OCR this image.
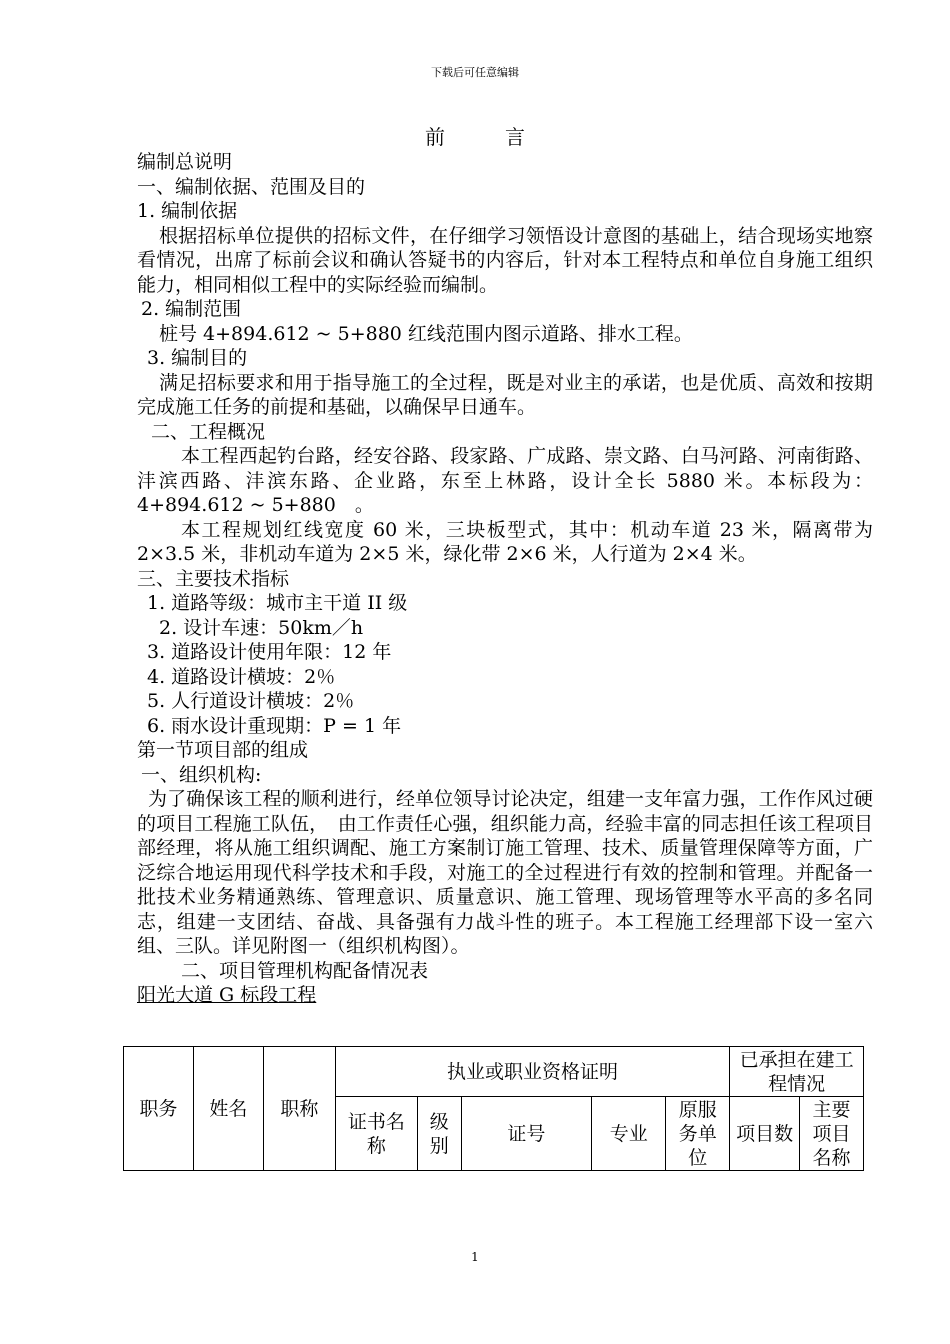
下载后可任意编辑
前	言

编制总说明

一、编制依据、范围及目的

1. 编制依据

根据招标单位提供的招标文件，在仔细学习领悟设计意图的基础上，结合现场实地察看情况，出席了标前会议和确认答疑书的内容后，针对本工程特点和单位自身施工组织能力，相同相似工程中的实际经验而编制。

2. 编制范围

桩号 4+894.612 ~ 5+880 红线范围内图示道路、排水工程。

3. 编制目的

满足招标要求和用于指导施工的全过程，既是对业主的承诺，也是优质、高效和按期完成施工任务的前提和基础，以确保早日通车。

二、工程概况

本工程西起钓台路，经安谷路、段家路、广成路、崇文路、白马河路、河南街路、沣滨西路、沣滨东路、企业路，东至上林路，设计全长 5880 米。本标段为：4+894.612 ~ 5+880　。

本工程规划红线宽度 60 米，三块板型式，其中：机动车道 23 米，隔离带为 2×3.5 米，非机动车道为 2×5 米，绿化带 2×6 米，人行道为 2×4 米。

三、主要技术指标

1. 道路等级：城市主干道 II 级

2. 设计车速：50km／h

3. 道路设计使用年限：12 年

4. 道路设计横坡：2％

5. 人行道设计横坡：2％

6. 雨水设计重现期：P = 1 年

第一节项目部的组成

一、组织机构:

为了确保该工程的顺利进行，经单位领导讨论决定，组建一支年富力强，工作作风过硬的项目工程施工队伍，　由工作责任心强，组织能力高，经验丰富的同志担任该工程项目部经理，将从施工组织调配、施工方案制订施工管理、技术、质量管理保障等方面，广泛综合地运用现代科学技术和手段，对施工的全过程进行有效的控制和管理。并配备一批技术业务精通熟练、管理意识、质量意识、施工管理、现场管理等水平高的多名同志，组建一支团结、奋战、具备强有力战斗性的班子。本工程施工经理部下设一室六组、三队。详见附图一（组织机构图）。

二、项目管理机构配备情况表

阳光大道 G 标段工程

职务	姓名	职称	执业或职业资格证明					已承担在建工程情况	
			证书名称	级别	证号	专业	原服务单位	项目数	主要项目名称
1
